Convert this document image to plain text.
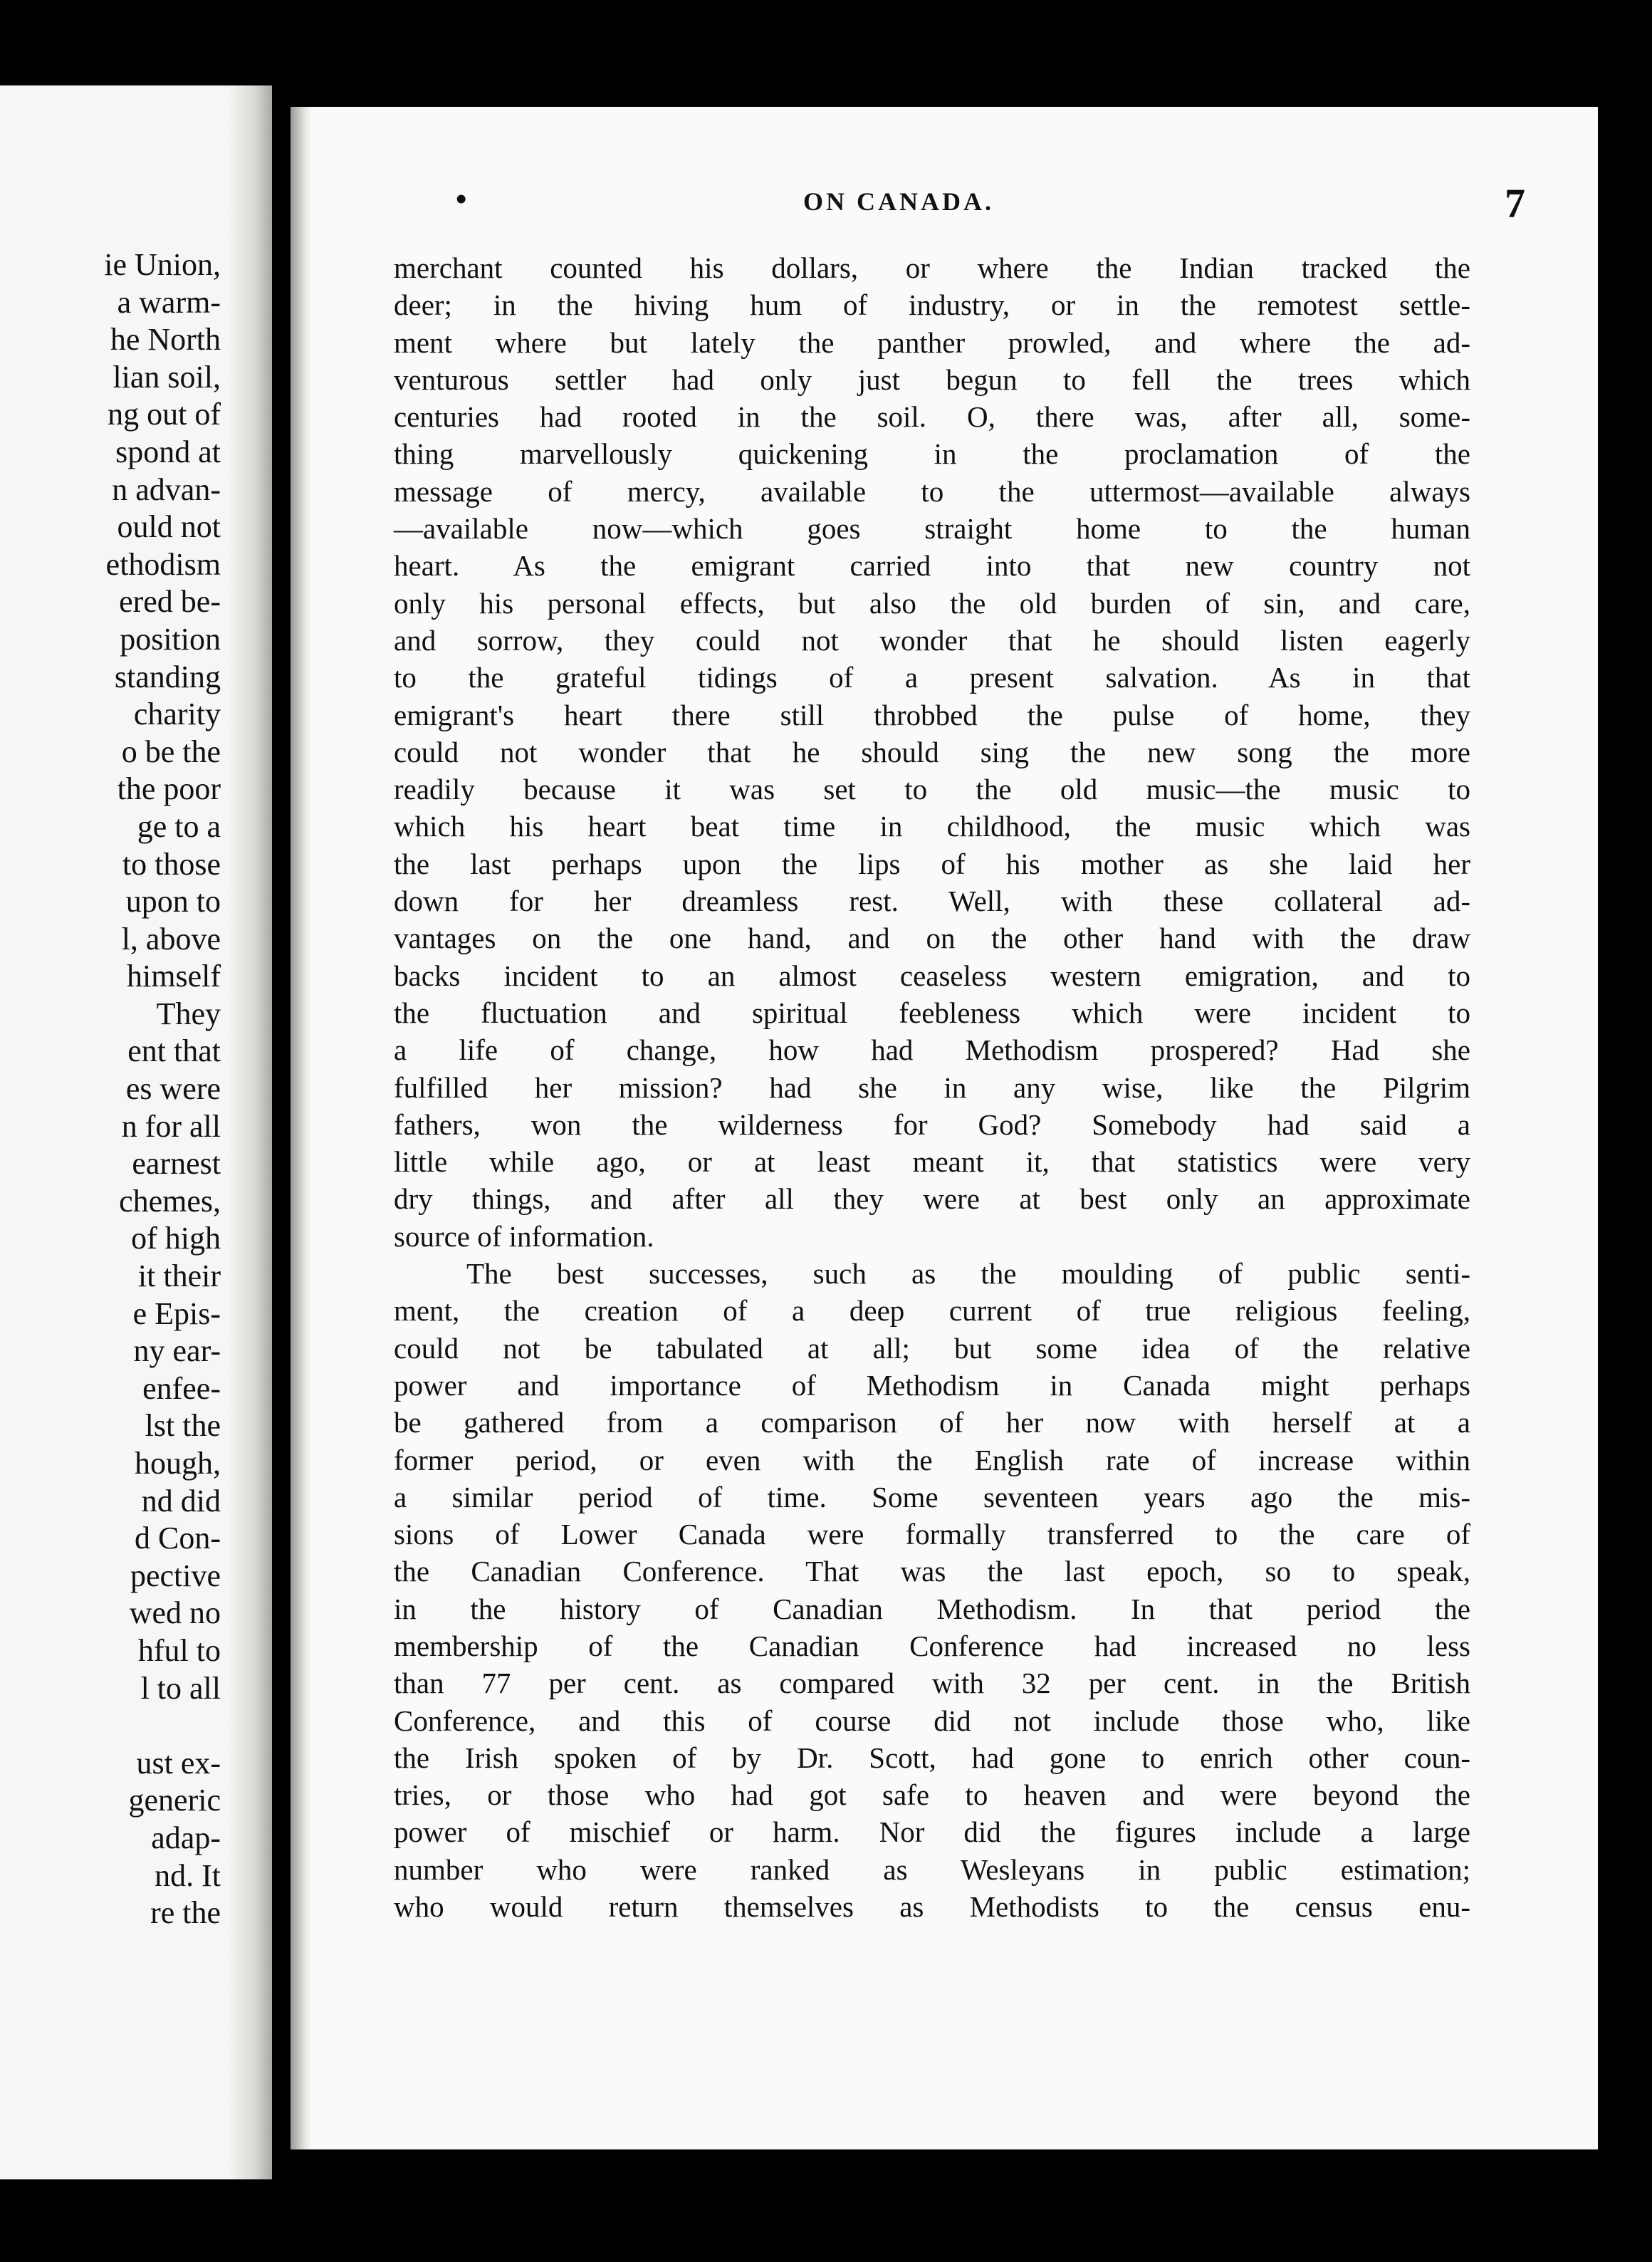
ie Union,
a warm-
he North
lian soil,
ng out of
spond at
n advan-
ould not
ethodism
ered be-
position
standing
charity
o be the
the poor
ge to a
to those
upon to
l, above
himself
They
ent that
es were
n for all
earnest
chemes,
of high
it their
e Epis-
ny ear-
enfee-
lst the
hough,
nd did
d Con-
pective
wed no
hful to
l to all
ust ex-
generic
adap-
nd. It
re the
•	ON CANADA.	7
merchant counted his dollars, or where the Indian tracked the
deer; in the hiving hum of industry, or in the remotest settle-
ment where but lately the panther prowled, and where the ad-
venturous settler had only just begun to fell the trees which
centuries had rooted in the soil. O, there was, after all, some-
thing marvellously quickening in the proclamation of the
message of mercy, available to the uttermost—available always
—available now—which goes straight home to the human
heart. As the emigrant carried into that new country not
only his personal effects, but also the old burden of sin, and care,
and sorrow, they could not wonder that he should listen eagerly
to the grateful tidings of a present salvation. As in that
emigrant's heart there still throbbed the pulse of home, they
could not wonder that he should sing the new song the more
readily because it was set to the old music—the music to
which his heart beat time in childhood, the music which was
the last perhaps upon the lips of his mother as she laid her
down for her dreamless rest. Well, with these collateral ad-
vantages on the one hand, and on the other hand with the draw
backs incident to an almost ceaseless western emigration, and to
the fluctuation and spiritual feebleness which were incident to
a life of change, how had Methodism prospered? Had she
fulfilled her mission? had she in any wise, like the Pilgrim
fathers, won the wilderness for God? Somebody had said a
little while ago, or at least meant it, that statistics were very
dry things, and after all they were at best only an approximate
source of information.
The best successes, such as the moulding of public senti-
ment, the creation of a deep current of true religious feeling,
could not be tabulated at all; but some idea of the relative
power and importance of Methodism in Canada might perhaps
be gathered from a comparison of her now with herself at a
former period, or even with the English rate of increase within
a similar period of time. Some seventeen years ago the mis-
sions of Lower Canada were formally transferred to the care of
the Canadian Conference. That was the last epoch, so to speak,
in the history of Canadian Methodism. In that period the
membership of the Canadian Conference had increased no less
than 77 per cent. as compared with 32 per cent. in the British
Conference, and this of course did not include those who, like
the Irish spoken of by Dr. Scott, had gone to enrich other coun-
tries, or those who had got safe to heaven and were beyond the
power of mischief or harm. Nor did the figures include a large
number who were ranked as Wesleyans in public estimation;
who would return themselves as Methodists to the census enu-
